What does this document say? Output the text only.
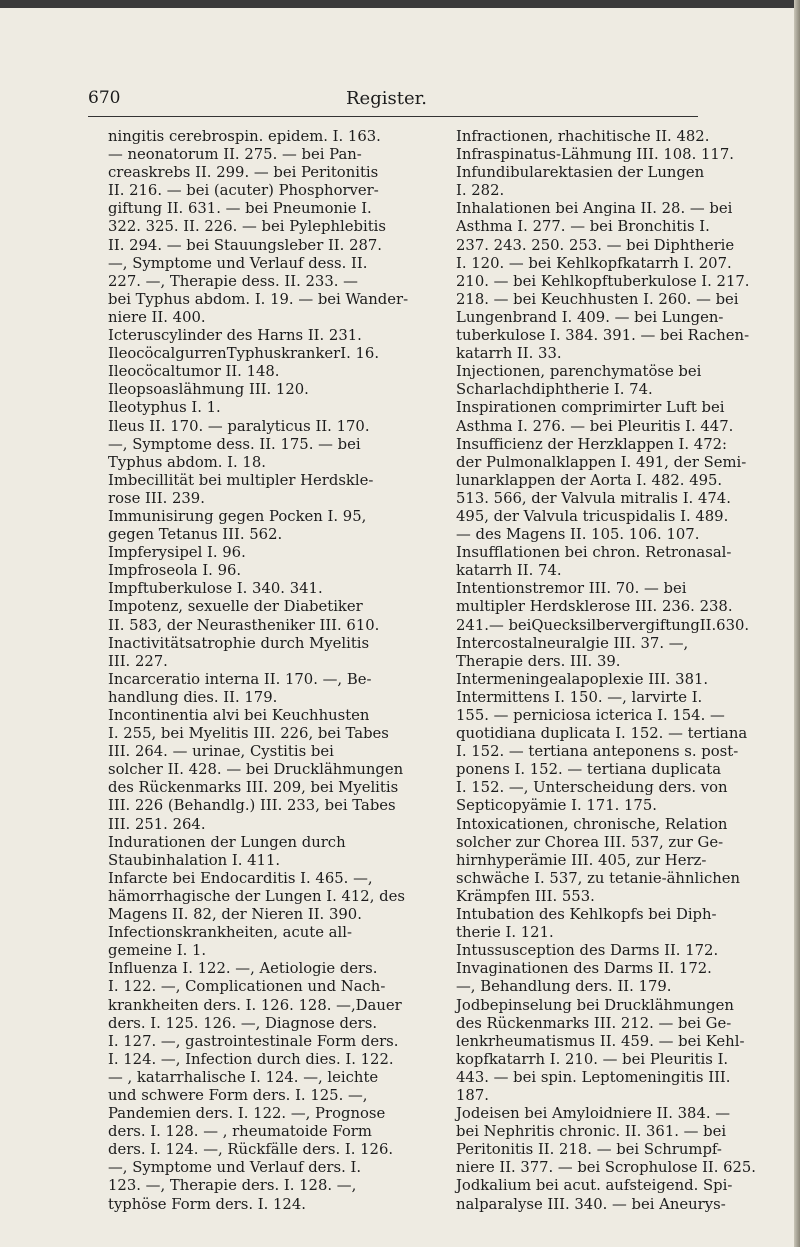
670	Register.
ningitis cerebrospin. epidem. I. 163.
— neonatorum II. 275. — bei Pan-
creaskrebs II. 299. — bei Peritonitis
II. 216. — bei (acuter) Phosphorver-
giftung II. 631. — bei Pneumonie I.
322. 325. II. 226. — bei Pylephlebitis
II. 294. — bei Stauungsleber II. 287.
—, Symptome und Verlauf dess. II.
227. —, Therapie dess. II. 233. —
bei Typhus abdom. I. 19. — bei Wander-
niere II. 400.
Icteruscylinder des Harns II. 231.
IleocöcalgurrenTyphuskrankerI. 16.
Ileocöcaltumor II. 148.
Ileopsoaslähmung III. 120.
Ileotyphus I. 1.
Ileus II. 170. — paralyticus II. 170.
—, Symptome dess. II. 175. — bei
Typhus abdom. I. 18.
Imbecillität bei multipler Herdskle-
rose III. 239.
Immunisirung gegen Pocken I. 95,
gegen Tetanus III. 562.
Impferysipel I. 96.
Impfroseola I. 96.
Impftuberkulose I. 340. 341.
Impotenz, sexuelle der Diabetiker
II. 583, der Neurastheniker III. 610.
Inactivitätsatrophie durch Myelitis
III. 227.
Incarceratio interna II. 170. —, Be-
handlung dies. II. 179.
Incontinentia alvi bei Keuchhusten
I. 255, bei Myelitis III. 226, bei Tabes
III. 264. — urinae, Cystitis bei
solcher II. 428. — bei Drucklähmungen
des Rückenmarks III. 209, bei Myelitis
III. 226 (Behandlg.) III. 233, bei Tabes
III. 251. 264.
Indurationen der Lungen durch
Staubinhalation I. 411.
Infarcte bei Endocarditis I. 465. —,
hämorrhagische der Lungen I. 412, des
Magens II. 82, der Nieren II. 390.
Infectionskrankheiten, acute all-
gemeine I. 1.
Influenza I. 122. —, Aetiologie ders.
I. 122. —, Complicationen und Nach-
krankheiten ders. I. 126. 128. —,Dauer
ders. I. 125. 126. —, Diagnose ders.
I. 127. —, gastrointestinale Form ders.
I. 124. —, Infection durch dies. I. 122.
— , katarrhalische I. 124. —, leichte
und schwere Form ders. I. 125. —,
Pandemien ders. I. 122. —, Prognose
ders. I. 128. — , rheumatoide Form
ders. I. 124. —, Rückfälle ders. I. 126.
—, Symptome und Verlauf ders. I.
123. —, Therapie ders. I. 128. —,
typhöse Form ders. I. 124.
Infractionen, rhachitische II. 482.
Infraspinatus-Lähmung III. 108. 117.
Infundibularektasien der Lungen
I. 282.
Inhalationen bei Angina II. 28. — bei
Asthma I. 277. — bei Bronchitis I.
237. 243. 250. 253. — bei Diphtherie
I. 120. — bei Kehlkopfkatarrh I. 207.
210. — bei Kehlkopftuberkulose I. 217.
218. — bei Keuchhusten I. 260. — bei
Lungenbrand I. 409. — bei Lungen-
tuberkulose I. 384. 391. — bei Rachen-
katarrh II. 33.
Injectionen, parenchymatöse bei
Scharlachdiphtherie I. 74.
Inspirationen comprimirter Luft bei
Asthma I. 276. — bei Pleuritis I. 447.
Insufficienz der Herzklappen I. 472:
der Pulmonalklappen I. 491, der Semi-
lunarklappen der Aorta I. 482. 495.
513. 566, der Valvula mitralis I. 474.
495, der Valvula tricuspidalis I. 489.
— des Magens II. 105. 106. 107.
Insufflationen bei chron. Retronasal-
katarrh II. 74.
Intentionstremor III. 70. — bei
multipler Herdsklerose III. 236. 238.
241.— beiQuecksilbervergiftungII.630.
Intercostalneuralgie III. 37. —,
Therapie ders. III. 39.
Intermeningealapoplexie III. 381.
Intermittens I. 150. —, larvirte I.
155. — perniciosa icterica I. 154. —
quotidiana duplicata I. 152. — tertiana
I. 152. — tertiana anteponens s. post-
ponens I. 152. — tertiana duplicata
I. 152. —, Unterscheidung ders. von
Septicopyämie I. 171. 175.
Intoxicationen, chronische, Relation
solcher zur Chorea III. 537, zur Ge-
hirnhyperämie III. 405, zur Herz-
schwäche I. 537, zu tetanie-ähnlichen
Krämpfen III. 553.
Intubation des Kehlkopfs bei Diph-
therie I. 121.
Intussusception des Darms II. 172.
Invaginationen des Darms II. 172.
—, Behandlung ders. II. 179.
Jodbepinselung bei Drucklähmungen
des Rückenmarks III. 212. — bei Ge-
lenkrheumatismus II. 459. — bei Kehl-
kopfkatarrh I. 210. — bei Pleuritis I.
443. — bei spin. Leptomeningitis III.
187.
Jodeisen bei Amyloidniere II. 384. —
bei Nephritis chronic. II. 361. — bei
Peritonitis II. 218. — bei Schrumpf-
niere II. 377. — bei Scrophulose II. 625.
Jodkalium bei acut. aufsteigend. Spi-
nalparalyse III. 340. — bei Aneurys-
